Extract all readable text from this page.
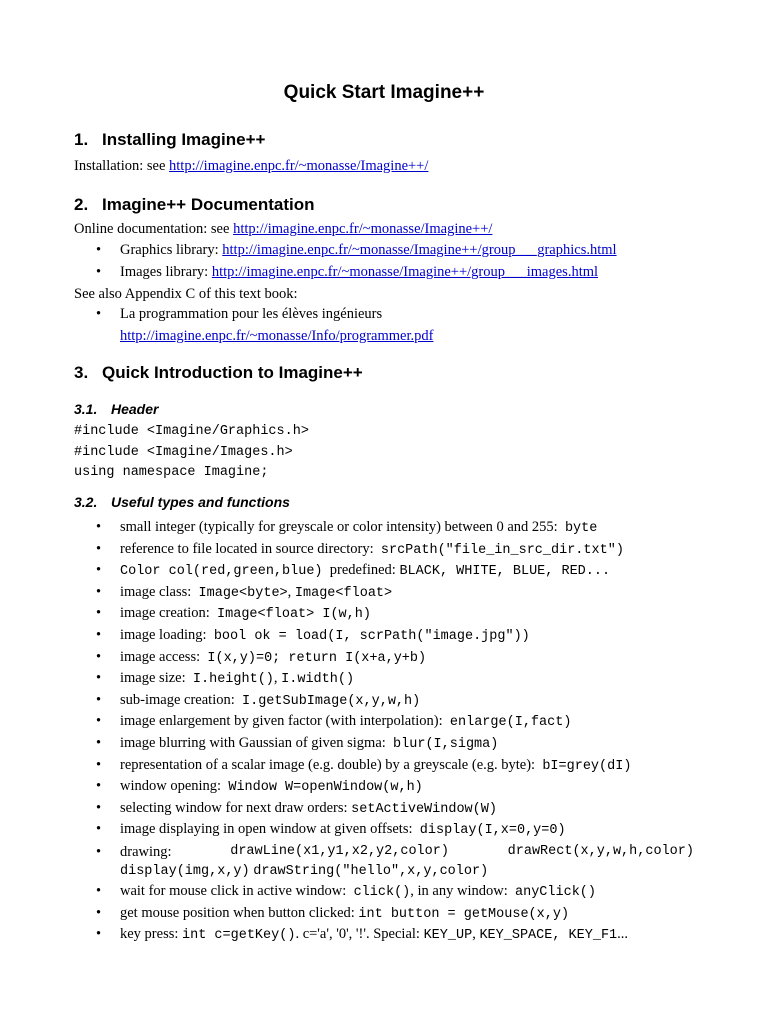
Quick Start Imagine++
1. Installing Imagine++
Installation: see http://imagine.enpc.fr/~monasse/Imagine++/
2. Imagine++ Documentation
Online documentation: see http://imagine.enpc.fr/~monasse/Imagine++/
• Graphics library: http://imagine.enpc.fr/~monasse/Imagine++/group___graphics.html
• Images library: http://imagine.enpc.fr/~monasse/Imagine++/group___images.html
See also Appendix C of this text book:
• La programmation pour les élèves ingénieurs
http://imagine.enpc.fr/~monasse/Info/programmer.pdf
3. Quick Introduction to Imagine++
3.1. Header
#include <Imagine/Graphics.h>
#include <Imagine/Images.h>
using namespace Imagine;
3.2. Useful types and functions
• small integer (typically for greyscale or color intensity) between 0 and 255:  byte
• reference to file located in source directory:  srcPath("file_in_src_dir.txt")
• Color col(red,green,blue)  predefined: BLACK, WHITE, BLUE, RED...
• image class:  Image<byte>, Image<float>
• image creation:  Image<float> I(w,h)
• image loading:  bool ok = load(I, scrPath("image.jpg"))
• image access:  I(x,y)=0; return I(x+a,y+b)
• image size:  I.height(), I.width()
• sub-image creation:  I.getSubImage(x,y,w,h)
• image enlargement by given factor (with interpolation):  enlarge(I,fact)
• image blurring with Gaussian of given sigma:  blur(I,sigma)
• representation of a scalar image (e.g. double) by a greyscale (e.g. byte):  bI=grey(dI)
• window opening:  Window W=openWindow(w,h)
• selecting window for next draw orders: setActiveWindow(W)
• image displaying in open window at given offsets:  display(I,x=0,y=0)
• drawing:	drawLine(x1,y1,x2,y2,color)	drawRect(x,y,w,h,color)
display(img,x,y) drawString("hello",x,y,color)
• wait for mouse click in active window:  click(), in any window:  anyClick()
• get mouse position when button clicked: int button = getMouse(x,y)
• key press: int c=getKey(). c='a', '0', '!'. Special: KEY_UP, KEY_SPACE, KEY_F1...
